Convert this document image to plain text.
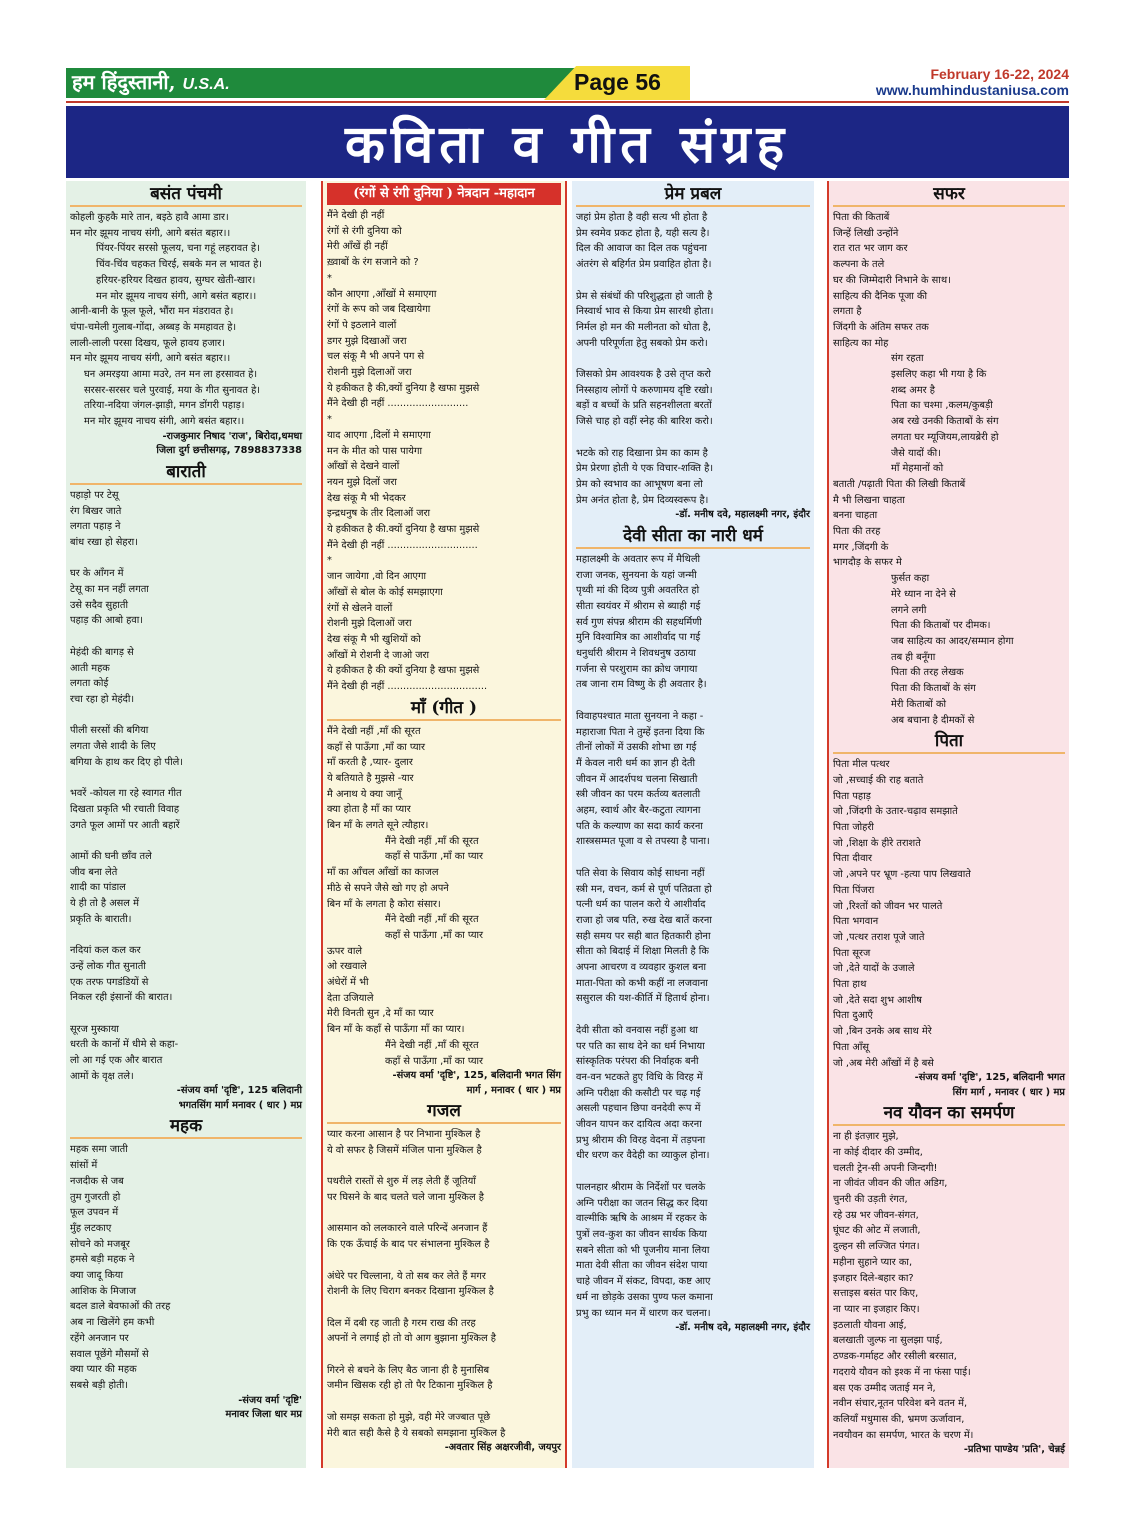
हम हिंदुस्तानी, U.S.A.	Page 56	February 16-22, 2024
www.humhindustaniusa.com
कविता व गीत संग्रह
बसंत पंचमी
कोहली कुहकै मारे तान, बइठे हावै आमा डार।
मन मोर झूमय नाचय संगी, आगे बसंत बहार।।
पिंयर-पिंयर सरसो फूलय, चना गहूं लहरावत हे।
चिंव-चिंव चहकत चिरई, सबके मन ल भावत हे।
हरियर-हरियर दिखत हावय, सुग्घर खेती-खार।
मन मोर झूमय नाचय संगी, आगे बसंत बहार।।
आनी-बानी के फूल फूले, भौंरा मन मंडरावत हे।
चंपा-चमेली गुलाब-गोंदा, अब्बड़ के ममहावत हे।
लाली-लाली परसा दिखय, फूले हावय हजार।
मन मोर झूमय नाचय संगी, आगे बसंत बहार।।
घन अमरइया आमा मउरे, तन मन ला हरसावत हे।
सरसर-सरसर चले पुरवाई, मया के गीत सुनावत हे।
तरिया-नदिया जंगल-झाड़ी, मगन डोंगरी पहाड़।
मन मोर झूमय नाचय संगी, आगे बसंत बहार।।
-राजकुमार निषाद 'राज', बिरोदा,धमधा
जिला दुर्ग छत्तीसगढ़, 7898837338
बाराती
पहाड़ो पर टेसू
रंग बिखर जाते
लगता पहाड़ ने
बांध रखा हो सेहरा।
घर के आँगन में
टेसू का मन नहीं लगता
उसे सदैव सुहाती
पहाड़ की आबो हवा।
मेहंदी की बागड़ से
आती महक
लगता कोई
रचा रहा हो मेहंदी।
पीली सरसों की बगिया
लगता जैसे शादी के लिए
बगिया के हाथ कर दिए हो पीले।
भवरें -कोयल गा रहे स्वागत गीत
दिखता प्रकृति भी रचाती विवाह
उगते फूल आमों पर आती बहारें
आमों की घनी छाँव तले
जीव बना लेते
शादी का पांडाल
ये ही तो है असल में
प्रकृति के बाराती।
नदियां कल कल कर
उन्हें लोक गीत सुनाती
एक तरफ पगडंडियों से
निकल रही इंसानों की बारात।
सूरज मुस्काया
धरती के कानों में धीमे से कहा-
लो आ गई एक और बारात
आमों के वृक्ष तले।
-संजय वर्मा 'दृष्टि', 125 बलिदानी
भगतसिंग मार्ग मनावर ( धार ) मप्र
महक
महक समा जाती
सांसों में
नजदीक से जब
तुम गुजरती हो
फूल उपवन में
मुँह लटकाए
सोचने को मजबूर
हमसे बड़ी महक ने
क्या जादू किया
आशिक के मिजाज
बदल डाले बेवफाओं की तरह
अब ना खिलेंगे हम कभी
रहेंगे अनजान पर
सवाल पूछेंगे मौसमों से
क्या प्यार की महक
सबसे बड़ी होती।
-संजय वर्मा 'दृष्टि'
मनावर जिला धार मप्र
(रंगों से रंगी दुनिया ) नेत्रदान -महादान
मैंने देखी ही नहीं
रंगों से रंगी दुनिया को
मेरी आँखें ही नहीं
ख़्वाबों के रंग सजाने को ?
*
कौन आएगा ,आँखों मे समाएगा
रंगों के रूप को जब दिखायेगा
रंगों पे इठलाने वालों
डगर मुझे दिखाओं जरा
चल संकू मै भी अपने पग से
रोशनी मुझे दिलाओं जरा
ये हकीकत है की,क्यों दुनिया है खफा मुझसे
मैंने देखी ही नहीं ..........................
*
याद आएगा ,दिलों मे समाएगा
मन के मीत को पास पायेगा
आँखों से देखने वालों
नयन मुझे दिलों जरा
देख संकू मै भी भेदकर
इन्द्रधनुष के तीर दिलाओं जरा
ये हकीकत है की.क्यों दुनिया है खफा मुझसे
मैंने देखी ही नहीं .............................
*
जान जायेगा ,वो दिन आएगा
आँखों से बोल के कोई समझाएगा
रंगों से खेलने वालों
रोशनी मुझे दिलाओं जरा
देख संकू मै भी खुशियों को
आँखों मे रोशनी दे जाओ जरा
ये हकीकत है की क्यों दुनिया है खफा मुझसे
मैंने देखी ही नहीं ................................
माँ (गीत )
मैंने देखी नहीं ,माँ की सूरत
कहाँ से पाऊँगा ,माँ का प्यार
माँ करती है ,प्यार- दुलार
ये बतियाते है मुझसे -यार
मै अनाथ ये क्या जानूँ
क्या होता है माँ का प्यार
बिन माँ के लगते सूने त्यौहार।
मैंने देखी नहीं ,माँ की सूरत
कहाँ से पाऊँगा ,माँ का प्यार
माँ का आँचल आँखों का काजल
मीठे से सपने जैसे खो गए हो अपने
बिन माँ के लगता है कोरा संसार।
मैंने देखी नहीं ,माँ की सूरत
कहाँ से पाऊँगा ,माँ का प्यार
ऊपर वाले
ओ रखवाले
अंधेरों में भी
देता उजियाले
मेरी विनती सुन ,दे माँ का प्यार
बिन माँ के कहाँ से पाऊँगा माँ का प्यार।
मैंने देखी नहीं ,माँ की सूरत
कहाँ से पाऊँगा ,माँ का प्यार
-संजय वर्मा 'दृष्टि', 125, बलिदानी भगत सिंग
मार्ग , मनावर ( धार ) मप्र
गजल
प्यार करना आसान है पर निभाना मुश्किल है
ये वो सफर है जिसमें मंजिल पाना मुश्किल है
पथरीले रास्तों से शुरु में लड़ लेती हैं जूतियाँ
पर घिसने के बाद चलते चले जाना मुश्किल है
आसमान को ललकारने वाले परिन्दें अनजान हैं
कि एक ऊँचाई के बाद पर संभालना मुश्किल है
अंधेरे पर चिल्लाना, ये तो सब कर लेते हैं मगर
रोशनी के लिए चिराग बनकर दिखाना मुश्किल है
दिल में दबी रह जाती है गरम राख की तरह
अपनों ने लगाई हो तो वो आग बुझाना मुश्किल है
गिरने से बचने के लिए बैठ जाना ही है मुनासिब
जमीन खिसक रही हो तो पैर टिकाना मुश्किल है
जो समझ सकता हो मुझे, वही मेरे जज्बात पूछे
मेरी बात सही कैसे है ये सबको समझाना मुश्किल है
-अवतार सिंह अक्षरजीवी, जयपुर
प्रेम प्रबल
जहां प्रेम होता है वही सत्य भी होता है
प्रेम स्वमेव प्रकट होता है, यही सत्य है।
दिल की आवाज का दिल तक पहुंचना
अंतरंग से बहिर्गत प्रेम प्रवाहित होता है।
प्रेम से संबंधों की परिशुद्धता हो जाती है
निस्वार्थ भाव से किया प्रेम सारथी होता।
निर्मल हो मन की मलीनता को धोता है,
अपनी परिपूर्णता हेतु सबको प्रेम करो।
जिसको प्रेम आवश्यक है उसे तृप्त करो
निस्सहाय लोगों पे करुणामय दृष्टि रखो।
बड़ों व बच्चों के प्रति सहनशीलता बरतों
जिसे चाह हो वहीं स्नेह की बारिश करो।
भटके को राह दिखाना प्रेम का काम है
प्रेम प्रेरणा होती ये एक विचार-शक्ति है।
प्रेम को स्वभाव का आभूषण बना लो
प्रेम अनंत होता है, प्रेम दिव्यस्वरूप है।
-डॉ. मनीष दवे, महालक्ष्मी नगर, इंदौर
देवी सीता का नारी धर्म
महालक्ष्मी के अवतार रूप में मैथिली
राजा जनक, सुनयना के यहां जन्मी
पृथ्वी मां की दिव्य पुत्री अवतरित हो
सीता स्वयंवर में श्रीराम से ब्याही गई
सर्व गुण संपन्न श्रीराम की सहधर्मिणी
मुनि विश्वामित्र का आशीर्वाद पा गई
धनुर्धारी श्रीराम ने शिवधनुष उठाया
गर्जना से परशुराम का क्रोध जगाया
तब जाना राम विष्णु के ही अवतार है।
विवाहपश्चात माता सुनयना ने कहा -
महाराजा पिता ने तुम्हें इतना दिया कि
तीनों लोकों में उसकी शोभा छा गई
मैं केवल नारी धर्म का ज्ञान ही देती
जीवन में आदर्शपथ चलना सिखाती
स्त्री जीवन का परम कर्तव्य बतलाती
अहम, स्वार्थ और बैर-कटुता त्यागना
पति के कल्याण का सदा कार्य करना
शास्त्रसम्मत पूजा व से तपस्या है पाना।
पति सेवा के सिवाय कोई साधना नहीं
स्त्री मन, वचन, कर्म से पूर्ण पतिव्रता हो
पत्नी धर्म का पालन करो ये आशीर्वाद
राजा हो जब पति, रुख देख बातें करना
सही समय पर सही बात हितकारी होना
सीता को बिदाई में शिक्षा मिलती है कि
अपना आचरण व व्यवहार कुशल बना
माता-पिता को कभी कहीं ना लजवाना
ससुराल की यश-कीर्ति में हितार्थ होना।
देवी सीता को वनवास नहीं हुआ था
पर पति का साथ देने का धर्म निभाया
सांस्कृतिक परंपरा की निर्वाहक बनी
वन-वन भटकते हुए विधि के विरह में
अग्नि परीक्षा की कसौटी पर चढ़ गई
असली पहचान छिपा वनदेवी रूप में
जीवन यापन कर दायित्व अदा करना
प्रभु श्रीराम की विरह वेदना में तड़पना
धीर धरण कर वैदेही का व्याकुल होना।
पालनहार श्रीराम के निर्देशों पर चलके
अग्नि परीक्षा का जतन सिद्ध कर दिया
वाल्मीकि ऋषि के आश्रम में रहकर के
पुत्रों लव-कुश का जीवन सार्थक किया
सबने सीता को भी पूजनीय माना लिया
माता देवी सीता का जीवन संदेश पाया
चाहे जीवन में संकट, विपदा, कष्ट आए
धर्म ना छोड़के उसका पुण्य फल कमाना
प्रभु का ध्यान मन में धारण कर चलना।
-डॉ. मनीष दवे, महालक्ष्मी नगर, इंदौर
सफर
पिता की किताबें
जिन्हें लिखी उन्होंने
रात रात भर जाग कर
कल्पना के तले
घर की जिम्मेदारी निभाने के साथ।
साहित्य की दैनिक पूजा की
लगता है
जिंदगी के अंतिम सफर तक
साहित्य का मोह
संग रहता
इसलिए कहा भी गया है कि
शब्द अमर है
पिता का चश्मा ,कलम/कुबड़ी
अब रखे उनकी किताबों के संग
लगता घर म्यूजियम,लायब्रेरी हो
जैसे यादों की।
माँ मेहमानों को
बताती /पढ़ाती पिता की लिखी किताबें
मै भी लिखना चाहता
बनना चाहता
पिता की तरह
मगर ,जिंदगी के
भागदौड़ के सफर मे
फुर्सत कहा
मेरे ध्यान ना देने से
लगने लगी
पिता की किताबों पर दीमक।
जब साहित्य का आदर/सम्मान होगा
तब ही बनूँगा
पिता की तरह लेखक
पिता की किताबों के संग
मेरी किताबों को
अब बचाना है दीमकों से
पिता
पिता मील पत्थर
जो ,सच्चाई की राह बताते
पिता पहाड़
जो ,जिंदगी के उतार-चढ़ाव समझाते
पिता जोहरी
जो ,शिक्षा के हीरे तराशते
पिता दीवार
जो ,अपने पर भ्रूण -हत्या पाप लिखवाते
पिता पिंजरा
जो ,रिश्तों को जीवन भर पालते
पिता भगवान
जो ,पत्थर तराश पूजे जाते
पिता सूरज
जो ,देते यादों के उजाले
पिता हाथ
जो ,देते सदा शुभ आशीष
पिता दुआएँ
जो ,बिन उनके अब साथ मेरे
पिता आँसू
जो ,अब मेरी आँखों में है बसे
-संजय वर्मा 'दृष्टि', 125, बलिदानी भगत
सिंग मार्ग , मनावर ( धार ) मप्र
नव यौवन का समर्पण
ना ही इंतज़ार मुझे,
ना कोई दीदार की उम्मीद,
चलती ट्रेन-सी अपनी जिन्दगी!
ना जीवंत जीवन की जीत अडिग,
चुनरी की उड़ती रंगत,
रहे उम्र भर जीवन-संगत,
घूंघट की ओट में लजाती,
दुल्हन सी लज्जित पंगत।
महीना सुहाने प्यार का,
इजहार दिले-बहार का?
सत्ताइस बसंत पार किए,
ना प्यार ना इजहार किए।
इठलाती यौवना आई,
बलखाती जुल्फ ना सुलझा पाई,
ठण्डक-गर्माहट और रसीली बरसात,
गदराये यौवन को इश्क में ना फंसा पाई।
बस एक उम्मीद जताई मन ने,
नवीन संचार,नूतन परिवेश बने वतन में,
कलियाँ मधुमास की, भ्रमण ऊर्जावान,
नवयौवन का समर्पण, भारत के चरण में।
-प्रतिभा पाण्डेय 'प्रति', चेन्नई
